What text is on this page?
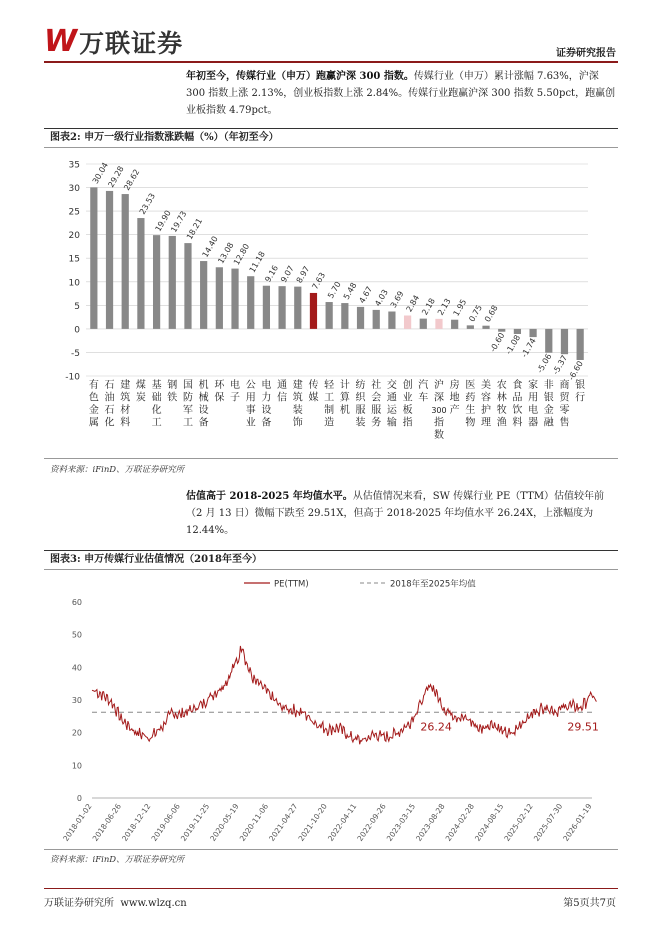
W 万联证券	证券研究报告
年初至今，传媒行业（申万）跑赢沪深 300 指数。传媒行业（申万）累计涨幅 7.63%，沪深 300 指数上涨 2.13%，创业板指数上涨 2.84%。传媒行业跑赢沪深 300 指数 5.50pct，跑赢创业板指数 4.79pct。
图表2: 申万一级行业指数涨跌幅（%）（年初至今）
35
30
25
20
15
10
5
0
-5
-10
30.04
29.28
28.62
23.53
19.90
19.73
18.21
14.40
13.08
12.80
11.18
9.16
9.07
8.97
7.63
5.70
5.48
4.67
4.03
3.69
2.84
2.18
2.13
1.95
0.75
0.68
-0.60
-1.08
-1.74
-5.06
-5.37
-6.60
有色金属
石油石化
建筑材料
煤炭
基础化工
钢铁
国防军工
机械设备
环保
电子
公用事业
电力设备
通信
建筑装饰
传媒
轻工制造
计算机
纺织服装
社会服务
交通运输
创业板指
汽车
沪深 300 指数
房地产
医药生物
美容护理
农林牧渔
食品饮料
家用电器
非银金融
商贸零售
银行
资料来源：iFinD、万联证券研究所
估值高于 2018-2025 年均值水平。从估值情况来看，SW 传媒行业 PE（TTM）估值较年前（2 月 13 日）微幅下跌至 29.51X，但高于 2018-2025 年均值水平 26.24X，上涨幅度为 12.44%。
图表3: 申万传媒行业估值情况（2018年至今）
PE(TTM)	2018年至2025年均值
60
50
40
30
20
10
0
26.24	29.51
2018-01-02
2018-06-26
2018-12-12
2019-06-06
2019-11-25
2020-05-19
2020-11-06
2021-04-27
2021-10-20
2022-04-11
2022-09-26
2023-03-15
2023-08-28
2024-02-28
2024-08-15
2025-02-12
2025-07-30
2026-01-19
资料来源：iFinD、万联证券研究所
万联证券研究所  www.wlzq.cn	第5页共7页
